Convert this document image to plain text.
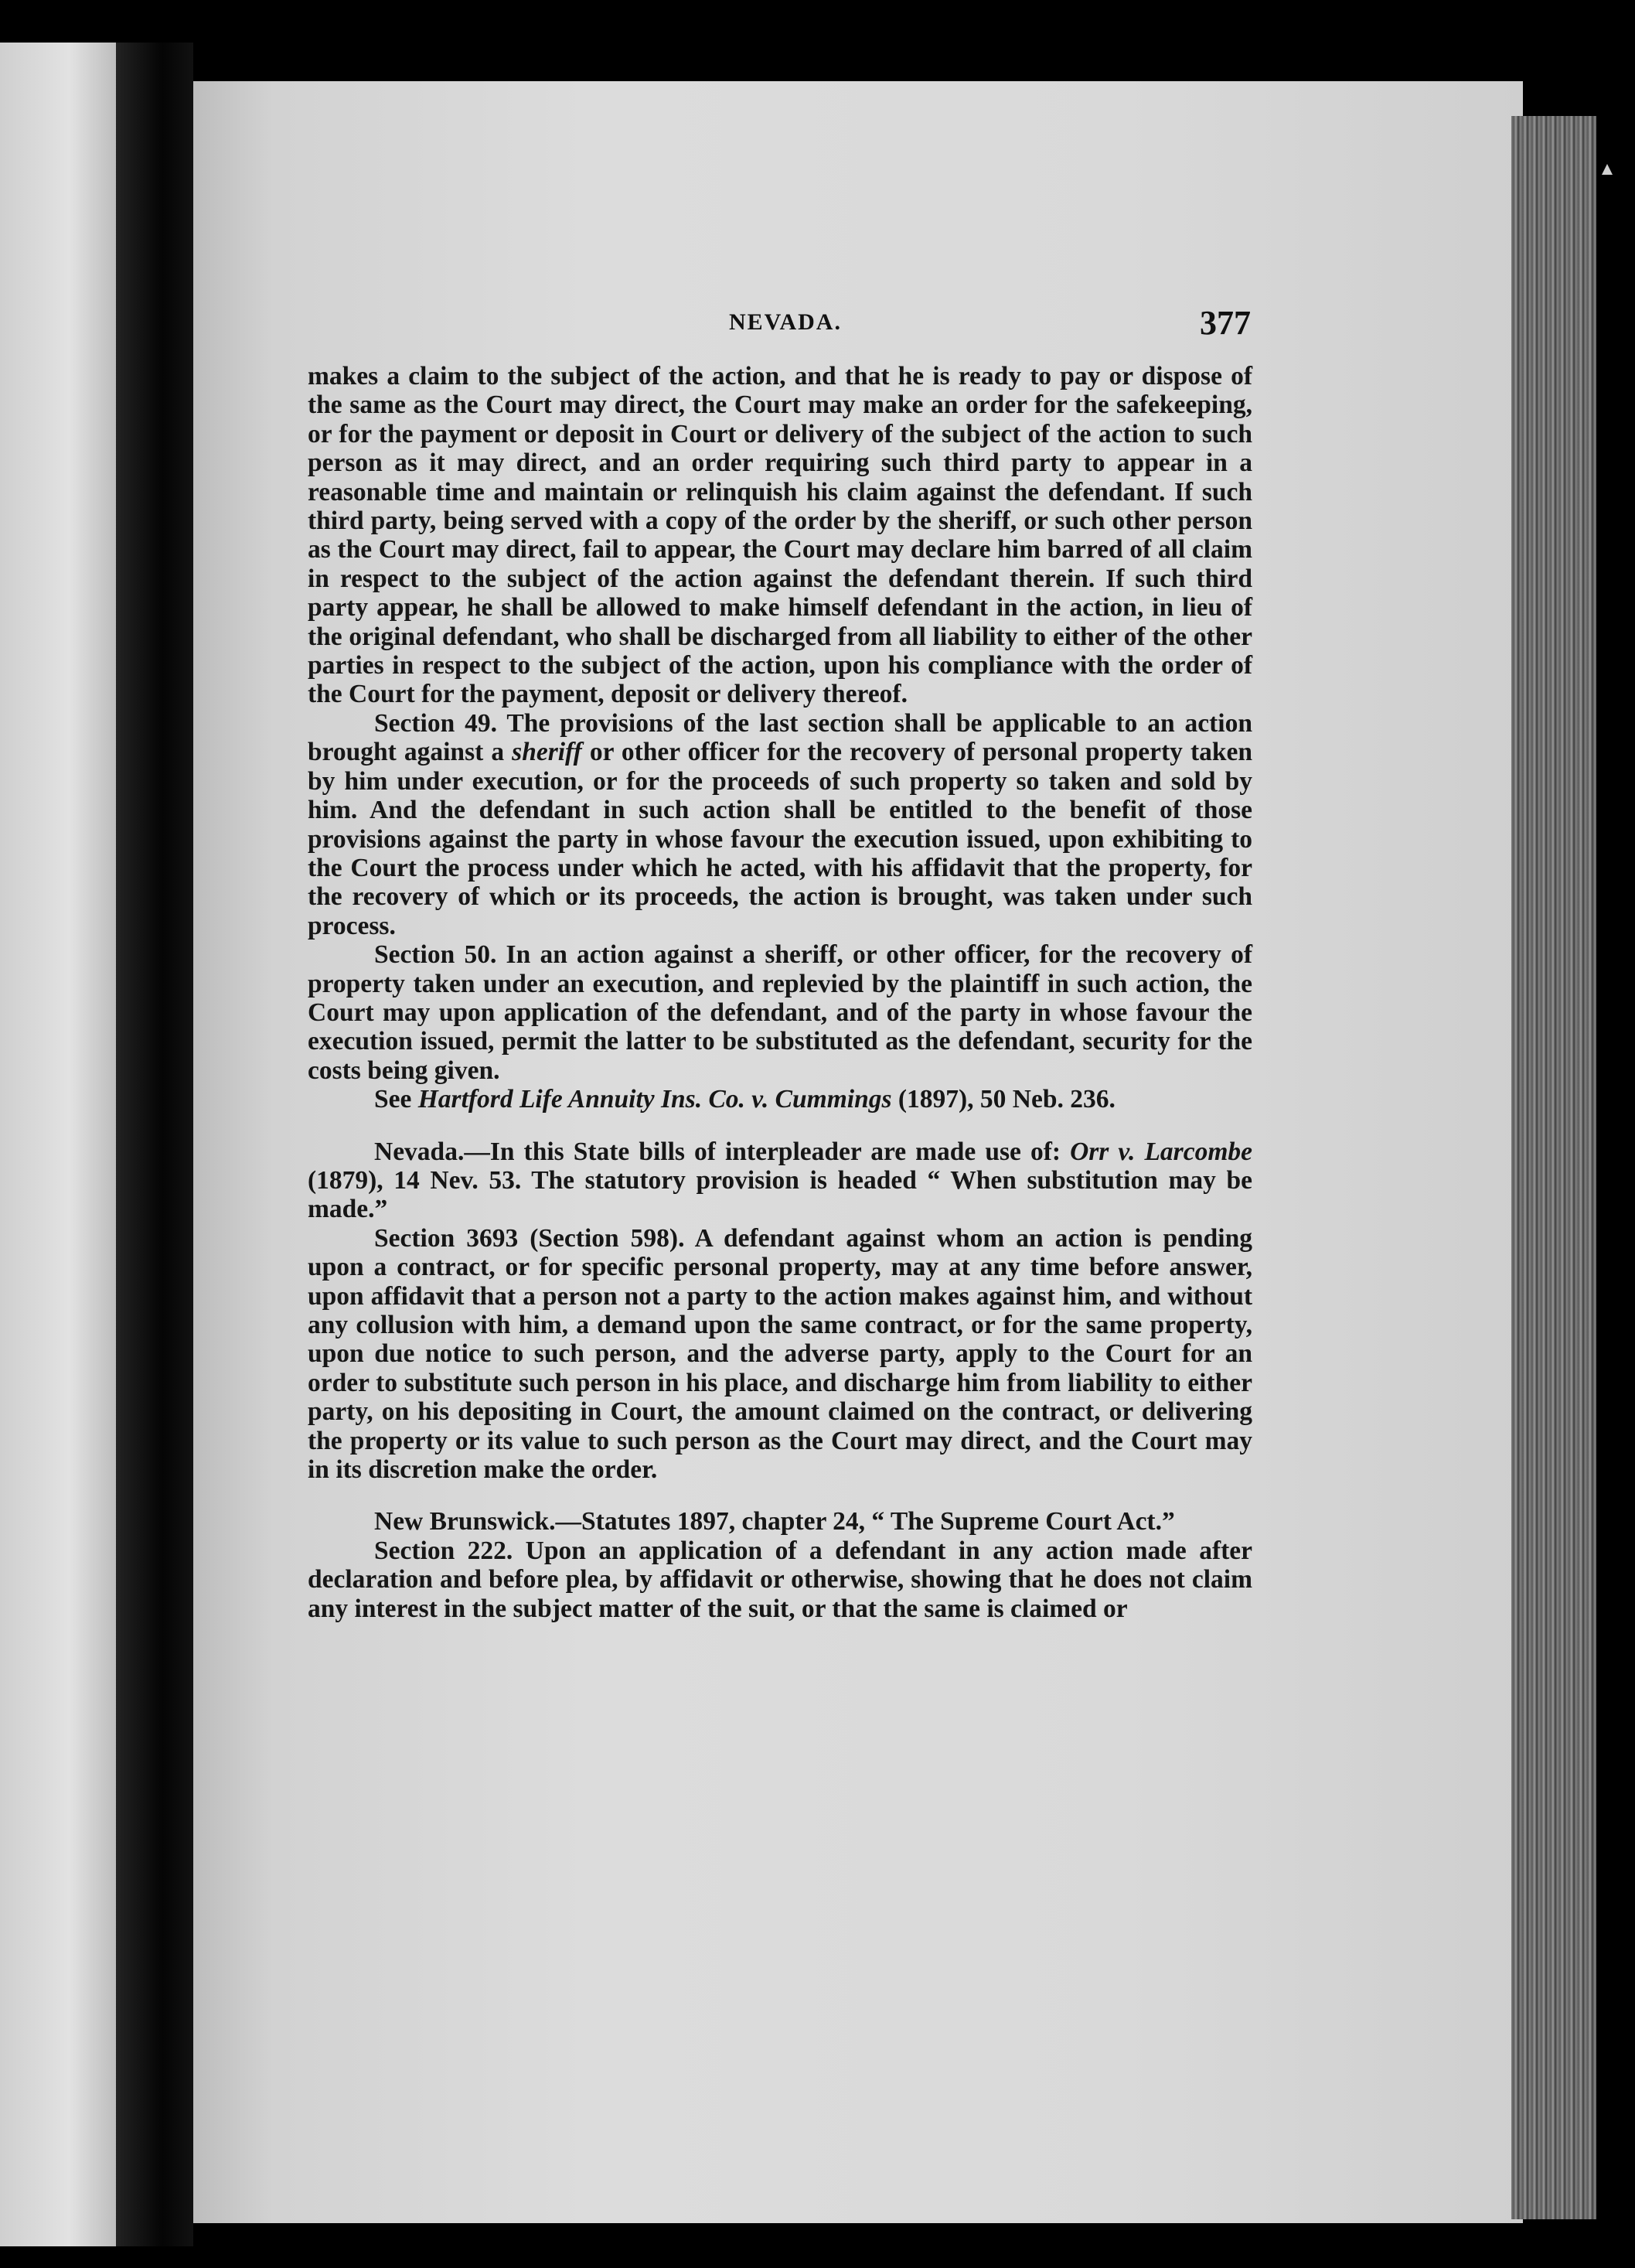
NEVADA.	377

makes a claim to the subject of the action, and that he is ready to pay or dispose of the same as the Court may direct, the Court may make an order for the safekeeping, or for the payment or deposit in Court or delivery of the subject of the action to such person as it may direct, and an order requiring such third party to appear in a reasonable time and maintain or relinquish his claim against the defendant. If such third party, being served with a copy of the order by the sheriff, or such other person as the Court may direct, fail to appear, the Court may declare him barred of all claim in respect to the subject of the action against the defendant therein. If such third party appear, he shall be allowed to make himself defendant in the action, in lieu of the original defendant, who shall be discharged from all liability to either of the other parties in respect to the subject of the action, upon his compliance with the order of the Court for the payment, deposit or delivery thereof.

Section 49. The provisions of the last section shall be applicable to an action brought against a sheriff or other officer for the recovery of personal property taken by him under execution, or for the proceeds of such property so taken and sold by him. And the defendant in such action shall be entitled to the benefit of those provisions against the party in whose favour the execution issued, upon exhibiting to the Court the process under which he acted, with his affidavit that the property, for the recovery of which or its proceeds, the action is brought, was taken under such process.

Section 50. In an action against a sheriff, or other officer, for the recovery of property taken under an execution, and replevied by the plaintiff in such action, the Court may upon application of the defendant, and of the party in whose favour the execution issued, permit the latter to be substituted as the defendant, security for the costs being given.

See Hartford Life Annuity Ins. Co. v. Cummings (1897), 50 Neb. 236.

Nevada.—In this State bills of interpleader are made use of: Orr v. Larcombe (1879), 14 Nev. 53. The statutory provision is headed “ When substitution may be made.”

Section 3693 (Section 598). A defendant against whom an action is pending upon a contract, or for specific personal property, may at any time before answer, upon affidavit that a person not a party to the action makes against him, and without any collusion with him, a demand upon the same contract, or for the same property, upon due notice to such person, and the adverse party, apply to the Court for an order to substitute such person in his place, and discharge him from liability to either party, on his depositing in Court, the amount claimed on the contract, or delivering the property or its value to such person as the Court may direct, and the Court may in its discretion make the order.

New Brunswick.—Statutes 1897, chapter 24, “ The Supreme Court Act.”

Section 222. Upon an application of a defendant in any action made after declaration and before plea, by affidavit or otherwise, showing that he does not claim any interest in the subject matter of the suit, or that the same is claimed or
